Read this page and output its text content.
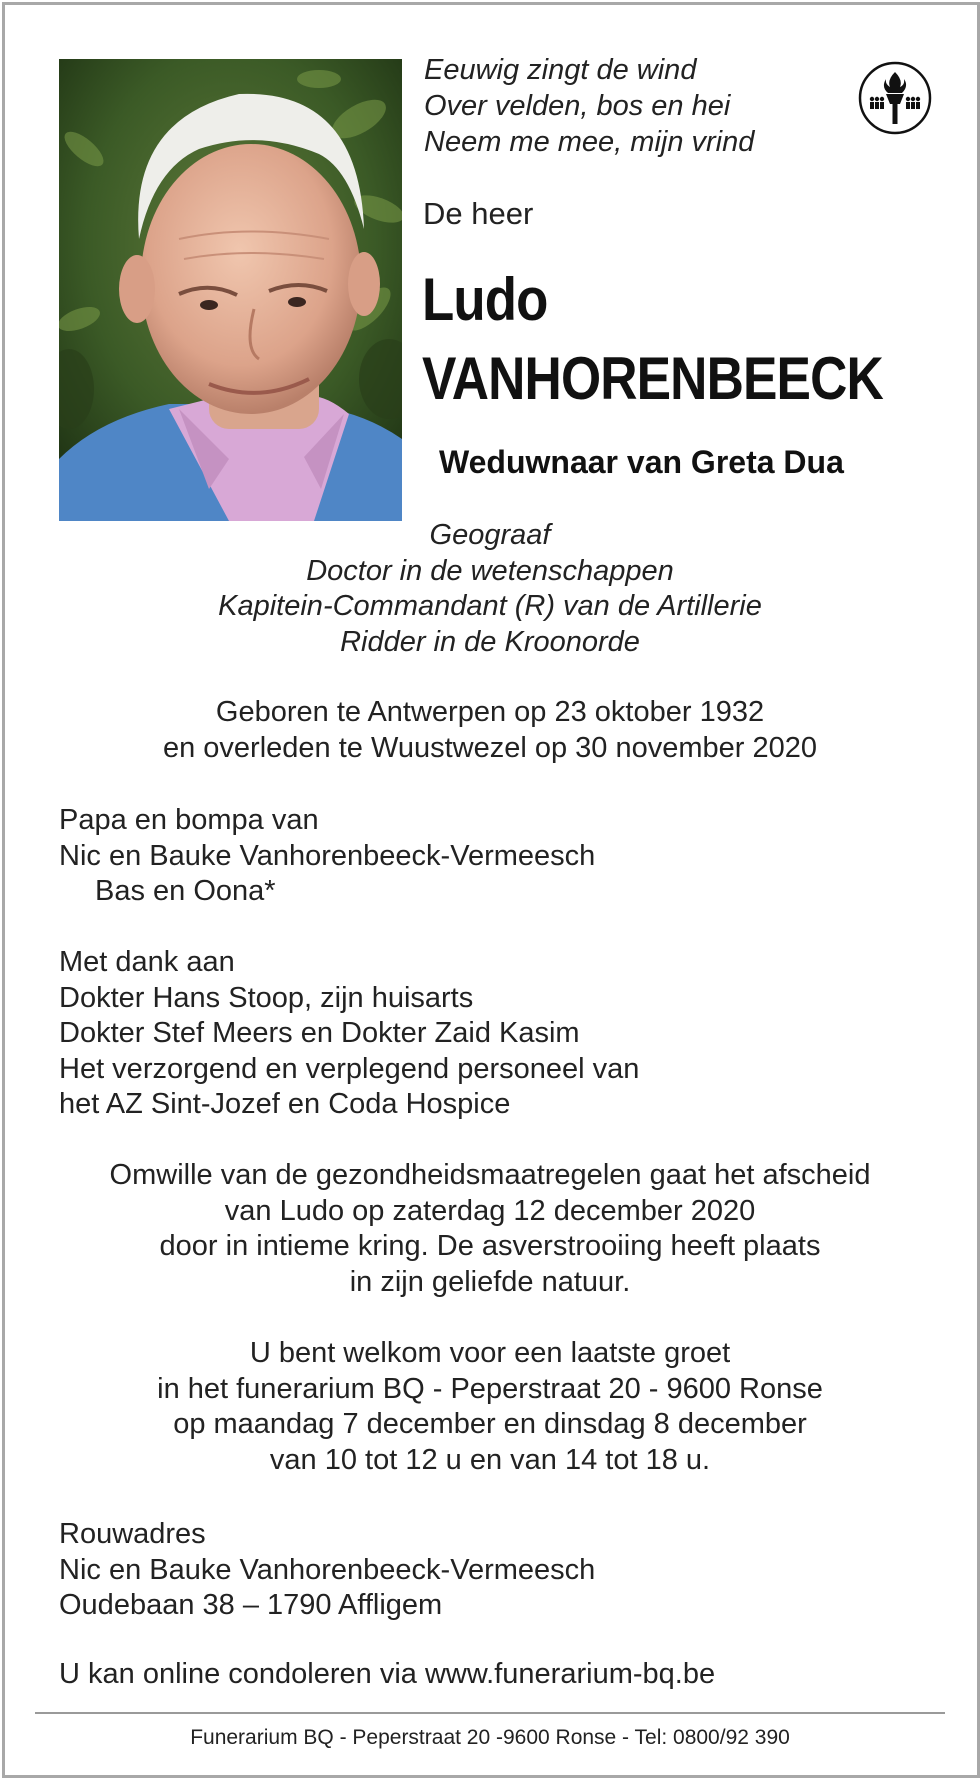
Eeuwig zingt de wind
Over velden, bos en hei
Neem me mee, mijn vrind
De heer
Ludo
VANHORENBEECK
Weduwnaar van Greta Dua
Geograaf
Doctor in de wetenschappen
Kapitein-Commandant (R) van de Artillerie
Ridder in de Kroonorde
Geboren te Antwerpen op 23 oktober 1932
en overleden te Wuustwezel op 30 november 2020
Papa en bompa van
Nic en Bauke Vanhorenbeeck-Vermeesch
Bas en Oona*
Met dank aan
Dokter Hans Stoop, zijn huisarts
Dokter Stef Meers en Dokter Zaid Kasim
Het verzorgend en verplegend personeel van
het AZ Sint-Jozef en Coda Hospice
Omwille van de gezondheidsmaatregelen gaat het afscheid
van Ludo op zaterdag 12 december 2020
door in intieme kring. De asverstrooiing heeft plaats
in zijn geliefde natuur.
U bent welkom voor een laatste groet
in het funerarium BQ - Peperstraat 20 - 9600 Ronse
op maandag 7 december en dinsdag 8 december
van 10 tot 12 u en van 14 tot 18 u.
Rouwadres
Nic en Bauke Vanhorenbeeck-Vermeesch
Oudebaan 38 – 1790 Affligem
U kan online condoleren via www.funerarium-bq.be
Funerarium BQ - Peperstraat 20 -9600 Ronse - Tel: 0800/92 390
